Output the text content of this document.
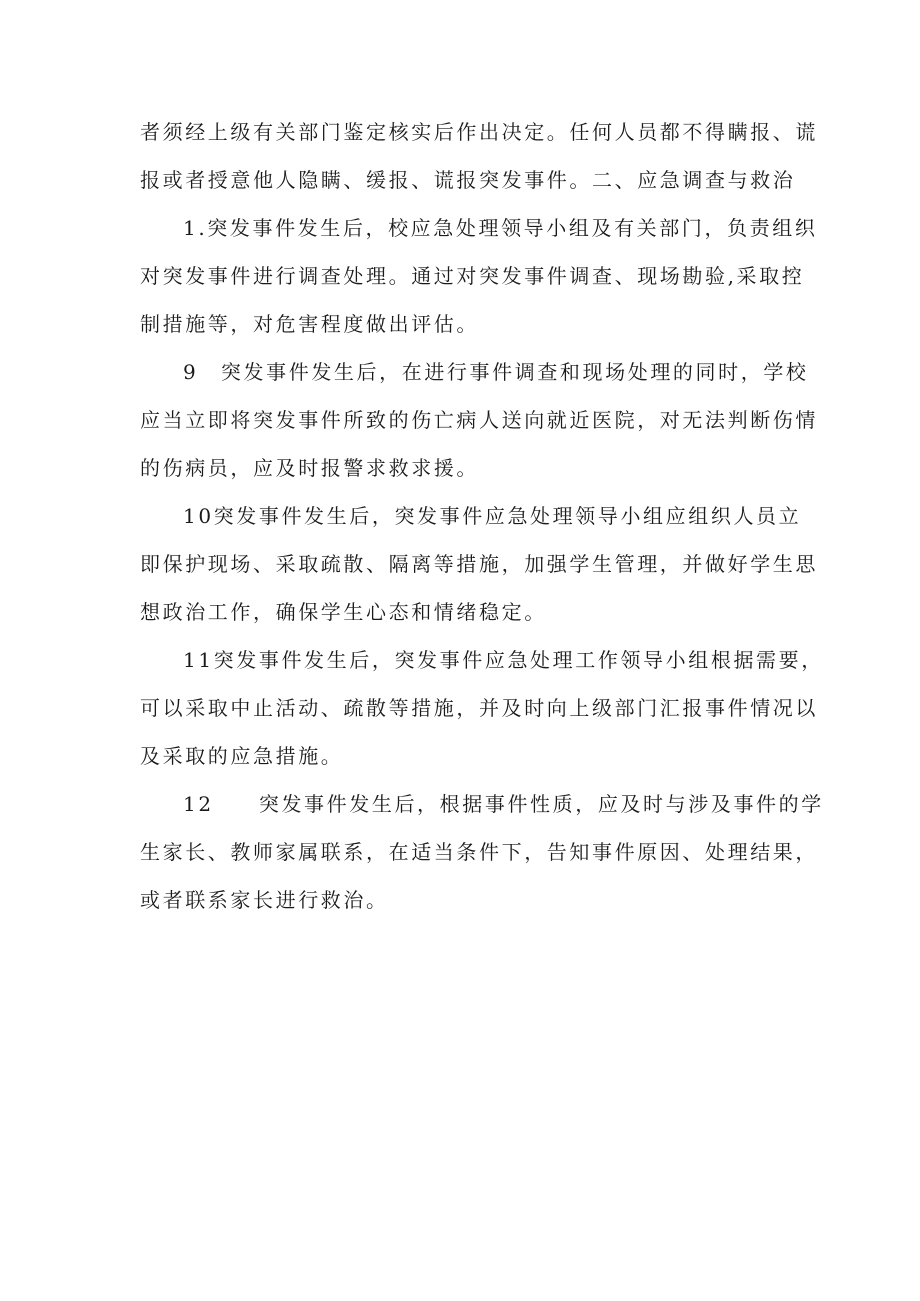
者须经上级有关部门鉴定核实后作出决定。任何人员都不得瞒报、谎
报或者授意他人隐瞒、缓报、谎报突发事件。二、应急调查与救治
1.突发事件发生后，校应急处理领导小组及有关部门，负责组织
对突发事件进行调查处理。通过对突发事件调查、现场勘验,采取控
制措施等，对危害程度做出评估。
9　突发事件发生后，在进行事件调查和现场处理的同时，学校
应当立即将突发事件所致的伤亡病人送向就近医院，对无法判断伤情
的伤病员，应及时报警求救求援。
10突发事件发生后，突发事件应急处理领导小组应组织人员立
即保护现场、采取疏散、隔离等措施，加强学生管理，并做好学生思
想政治工作，确保学生心态和情绪稳定。
11突发事件发生后，突发事件应急处理工作领导小组根据需要，
可以采取中止活动、疏散等措施，并及时向上级部门汇报事件情况以
及采取的应急措施。
12　　突发事件发生后，根据事件性质，应及时与涉及事件的学
生家长、教师家属联系，在适当条件下，告知事件原因、处理结果，
或者联系家长进行救治。
